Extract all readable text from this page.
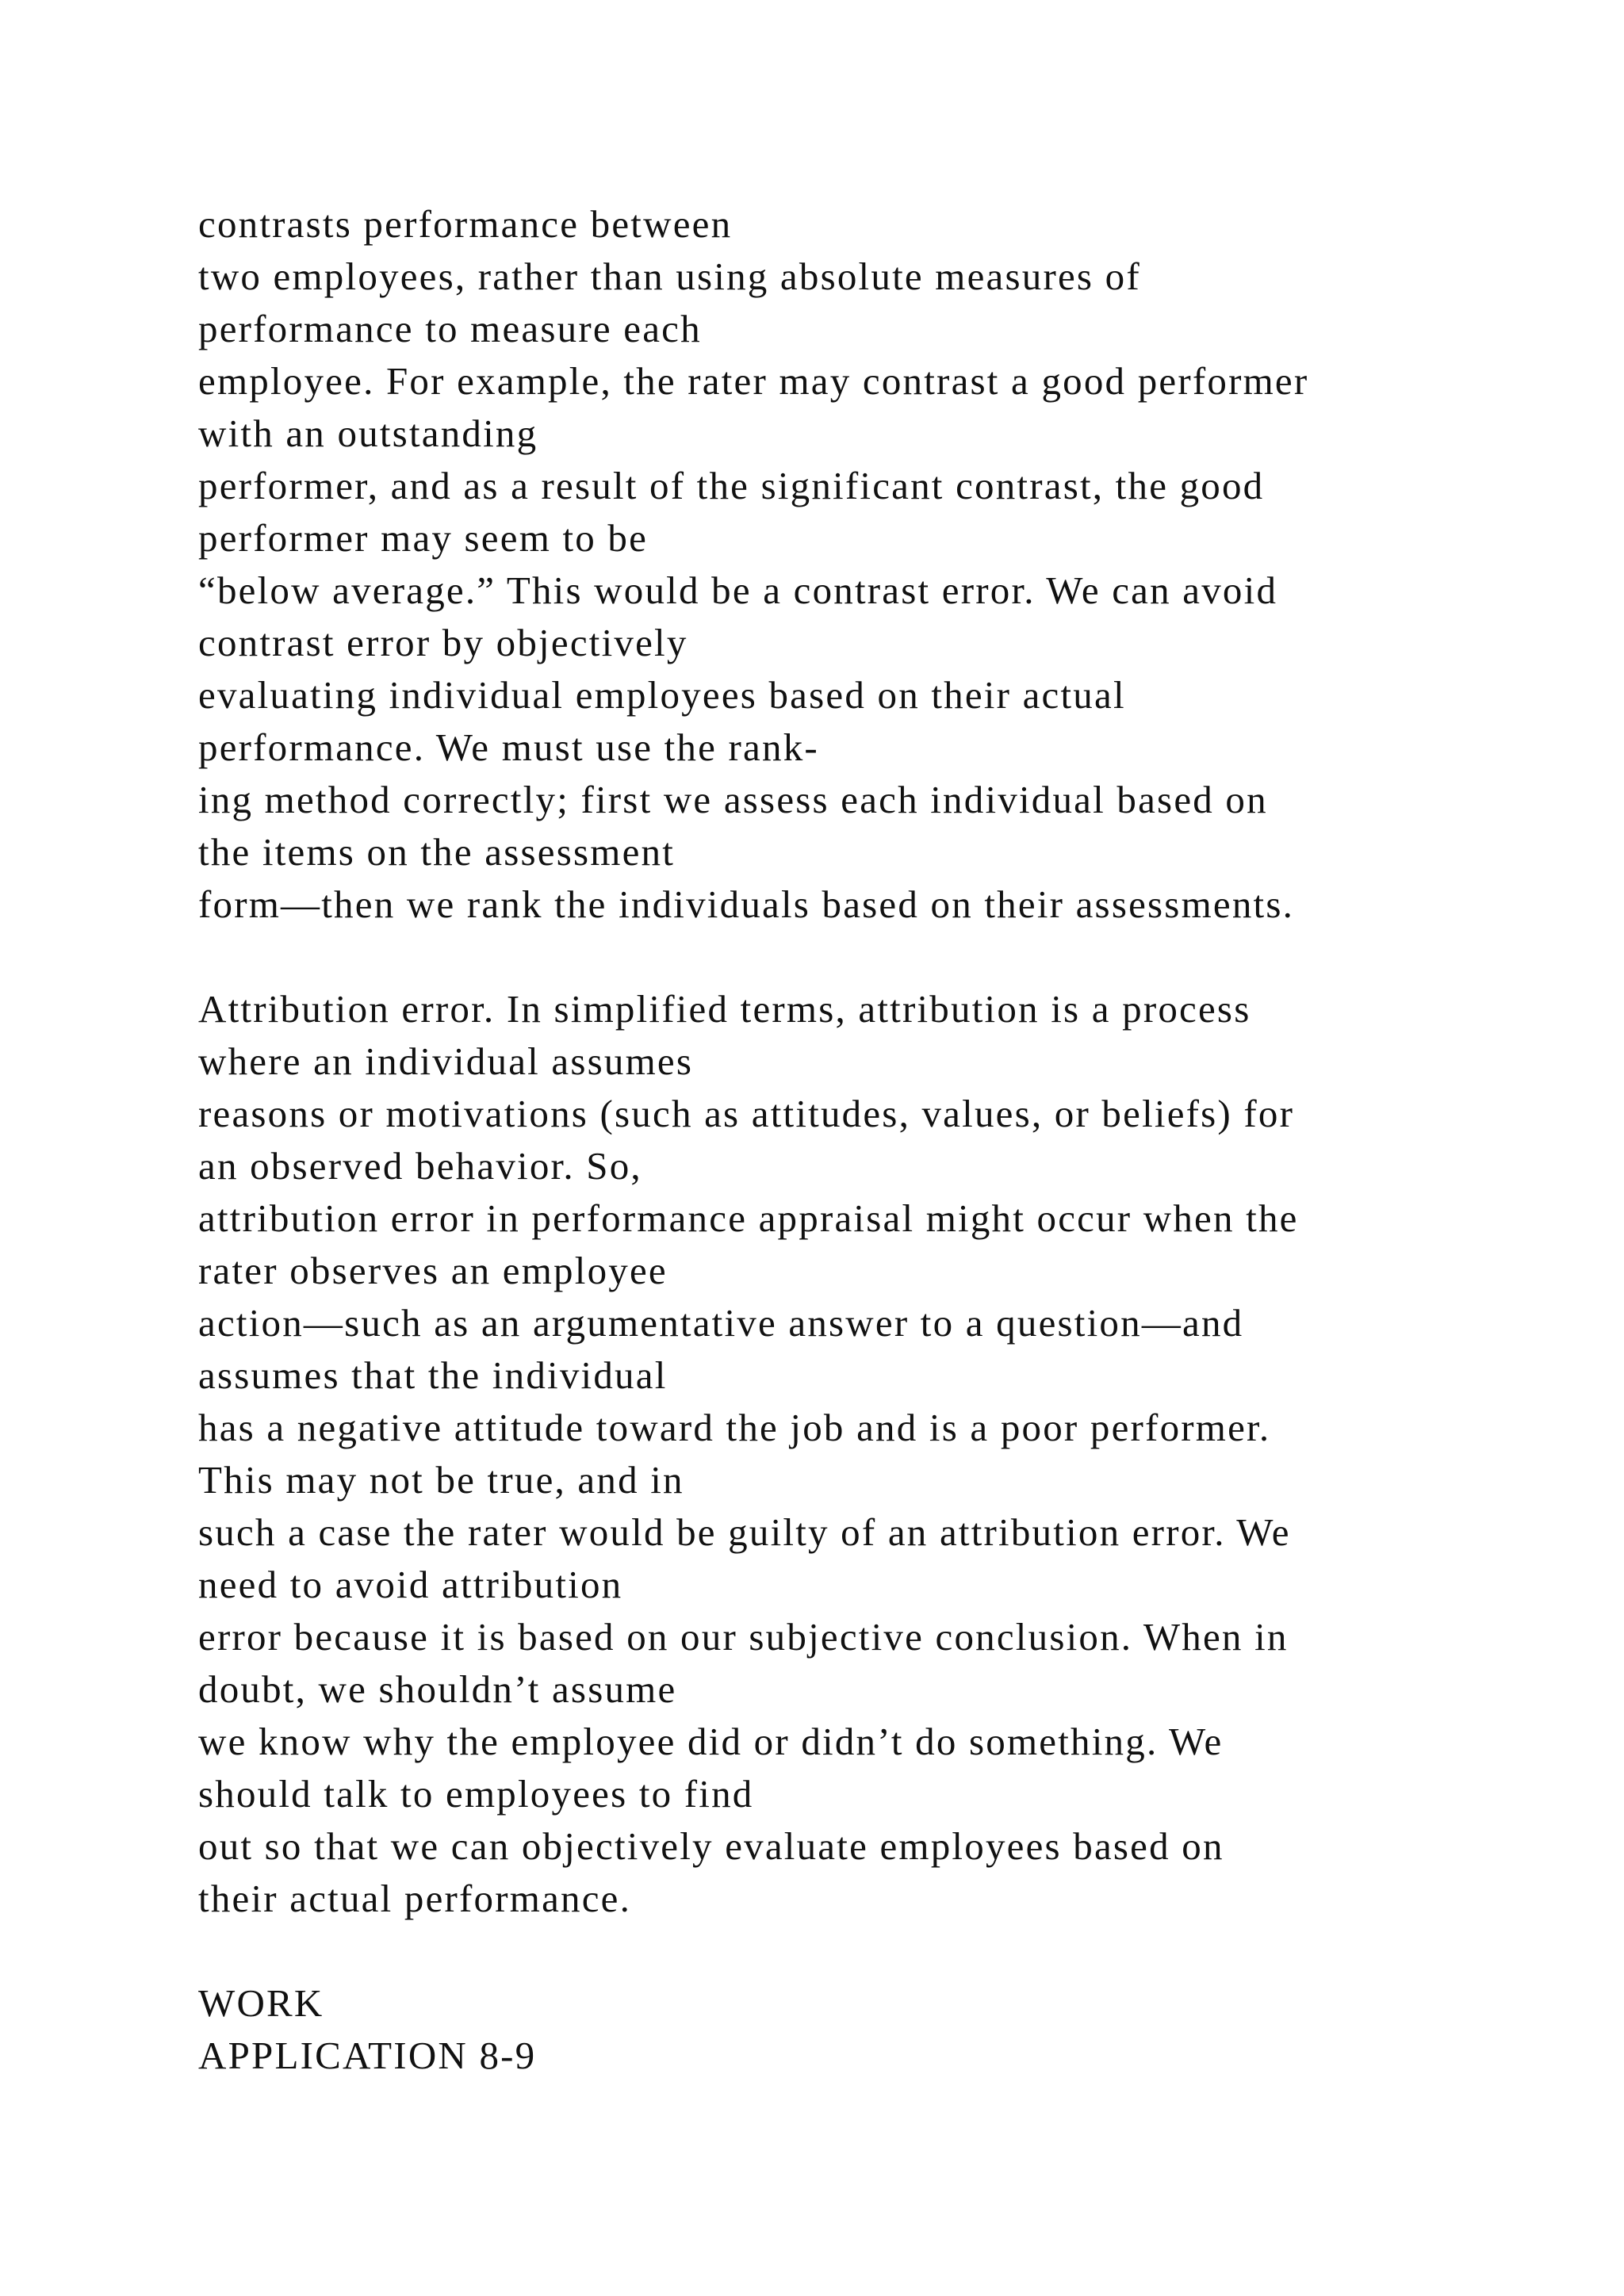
contrasts performance between
two employees, rather than using absolute measures of
performance to measure each
employee. For example, the rater may contrast a good performer
with an outstanding
performer, and as a result of the significant contrast, the good
performer may seem to be
“below average.” This would be a contrast error. We can avoid
contrast error by objectively
evaluating individual employees based on their actual
performance. We must use the rank-
ing method correctly; first we assess each individual based on
the items on the assessment
form—then we rank the individuals based on their assessments.
Attribution error. In simplified terms, attribution is a process
where an individual assumes
reasons or motivations (such as attitudes, values, or beliefs) for
an observed behavior. So,
attribution error in performance appraisal might occur when the
rater observes an employee
action—such as an argumentative answer to a question—and
assumes that the individual
has a negative attitude toward the job and is a poor performer.
This may not be true, and in
such a case the rater would be guilty of an attribution error. We
need to avoid attribution
error because it is based on our subjective conclusion. When in
doubt, we shouldn’t assume
we know why the employee did or didn’t do something. We
should talk to employees to find
out so that we can objectively evaluate employees based on
their actual performance.
WORK
APPLICATION 8-9
